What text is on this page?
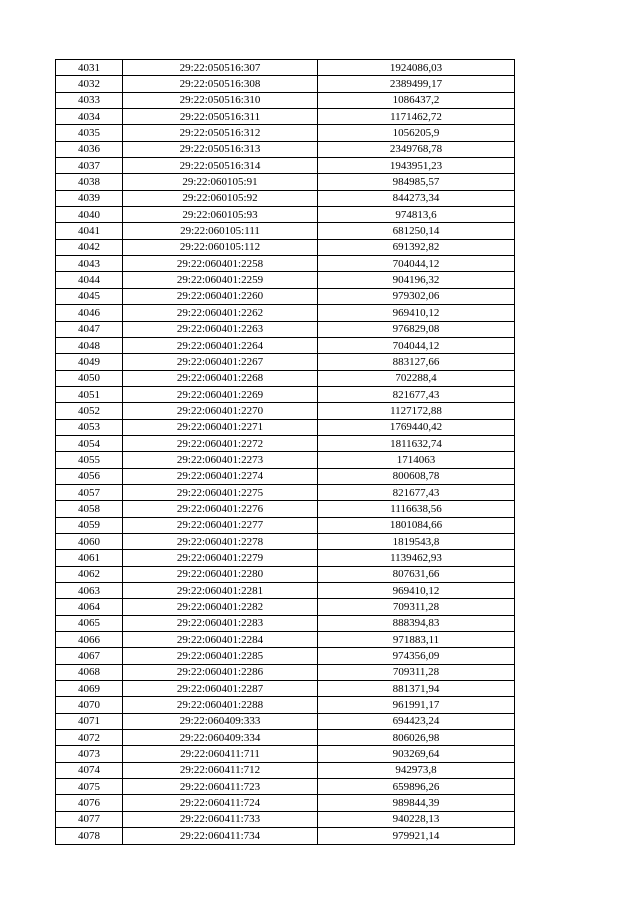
4031	29:22:050516:307	1924086,03
4032	29:22:050516:308	2389499,17
4033	29:22:050516:310	1086437,2
4034	29:22:050516:311	1171462,72
4035	29:22:050516:312	1056205,9
4036	29:22:050516:313	2349768,78
4037	29:22:050516:314	1943951,23
4038	29:22:060105:91	984985,57
4039	29:22:060105:92	844273,34
4040	29:22:060105:93	974813,6
4041	29:22:060105:111	681250,14
4042	29:22:060105:112	691392,82
4043	29:22:060401:2258	704044,12
4044	29:22:060401:2259	904196,32
4045	29:22:060401:2260	979302,06
4046	29:22:060401:2262	969410,12
4047	29:22:060401:2263	976829,08
4048	29:22:060401:2264	704044,12
4049	29:22:060401:2267	883127,66
4050	29:22:060401:2268	702288,4
4051	29:22:060401:2269	821677,43
4052	29:22:060401:2270	1127172,88
4053	29:22:060401:2271	1769440,42
4054	29:22:060401:2272	1811632,74
4055	29:22:060401:2273	1714063
4056	29:22:060401:2274	800608,78
4057	29:22:060401:2275	821677,43
4058	29:22:060401:2276	1116638,56
4059	29:22:060401:2277	1801084,66
4060	29:22:060401:2278	1819543,8
4061	29:22:060401:2279	1139462,93
4062	29:22:060401:2280	807631,66
4063	29:22:060401:2281	969410,12
4064	29:22:060401:2282	709311,28
4065	29:22:060401:2283	888394,83
4066	29:22:060401:2284	971883,11
4067	29:22:060401:2285	974356,09
4068	29:22:060401:2286	709311,28
4069	29:22:060401:2287	881371,94
4070	29:22:060401:2288	961991,17
4071	29:22:060409:333	694423,24
4072	29:22:060409:334	806026,98
4073	29:22:060411:711	903269,64
4074	29:22:060411:712	942973,8
4075	29:22:060411:723	659896,26
4076	29:22:060411:724	989844,39
4077	29:22:060411:733	940228,13
4078	29:22:060411:734	979921,14
